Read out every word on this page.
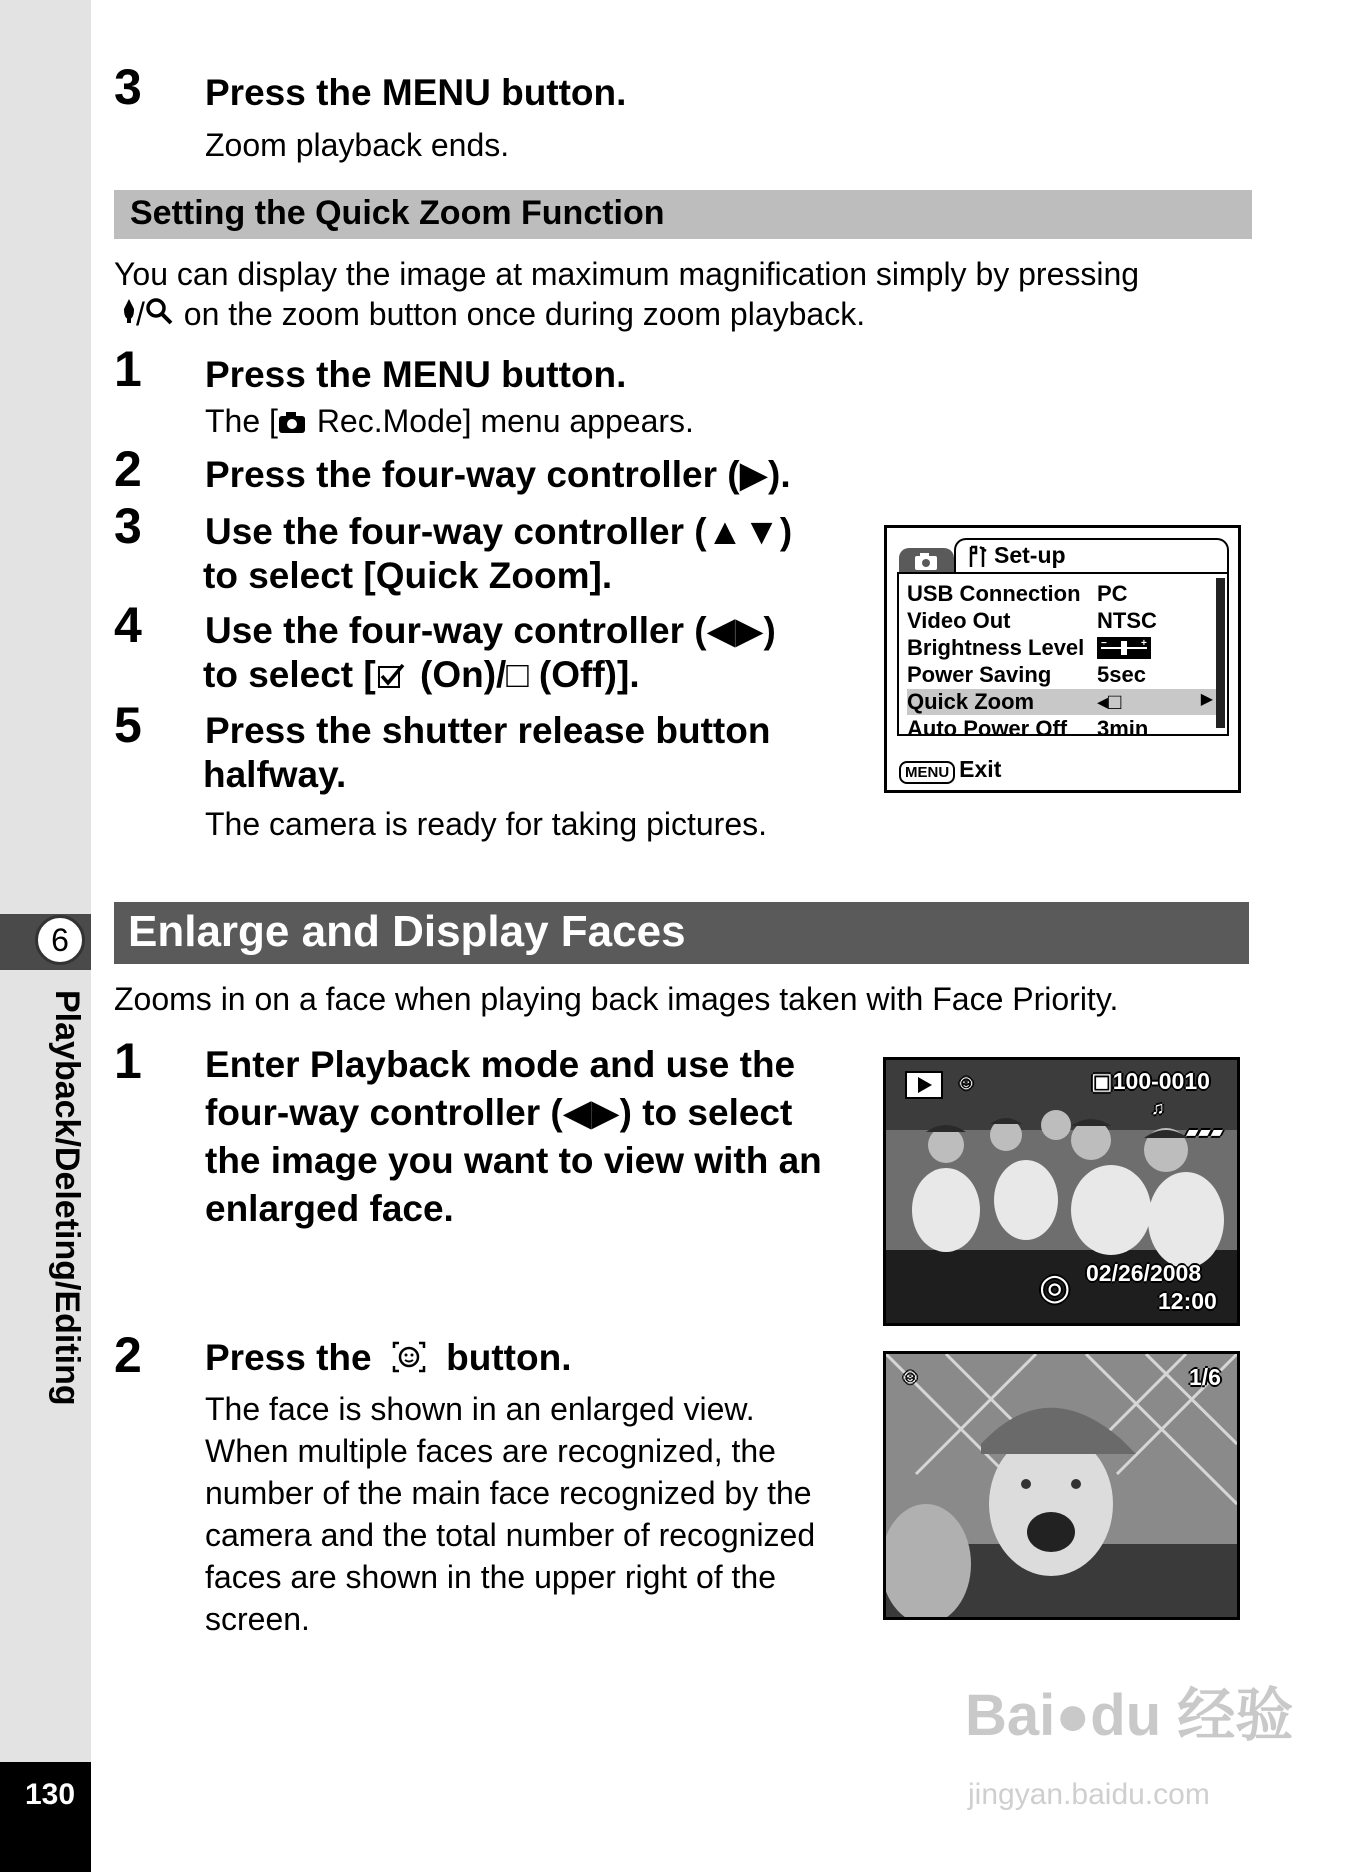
6
Playback/Deleting/Editing
130
3 Press the MENU button.
Zoom playback ends.
Setting the Quick Zoom Function
You can display the image at maximum magnification simply by pressing
/ on the zoom button once during zoom playback.
1 Press the MENU button.
The [ Rec.Mode] menu appears.
2 Press the four-way controller (▶).
3 Use the four-way controller (▲▼)
to select [Quick Zoom].
4 Use the four-way controller (◀▶)
to select [ (On)/□ (Off)].
5 Press the shutter release button
halfway.
The camera is ready for taking pictures.
Set-up
USB Connection PC
Video Out	NTSC
Brightness Level	+
−
Power Saving 5sec
Quick Zoom	◂□	▶
Auto Power Off 3min
MENU Exit
Enlarge and Display Faces
Zooms in on a face when playing back images taken with Face Priority.
1 Enter Playback mode and use the
four-way controller (◀▶) to select
the image you want to view with an
enlarged face.
2 Press the button.
The face is shown in an enlarged view.
When multiple faces are recognized, the
number of the main face recognized by the
camera and the total number of recognized
faces are shown in the upper right of the
screen.
☺	▣100-0010
♫
▰▰▰
◎ 02/26/2008
12:00
☺	1/6
Bai●du 经验
jingyan.baidu.com
